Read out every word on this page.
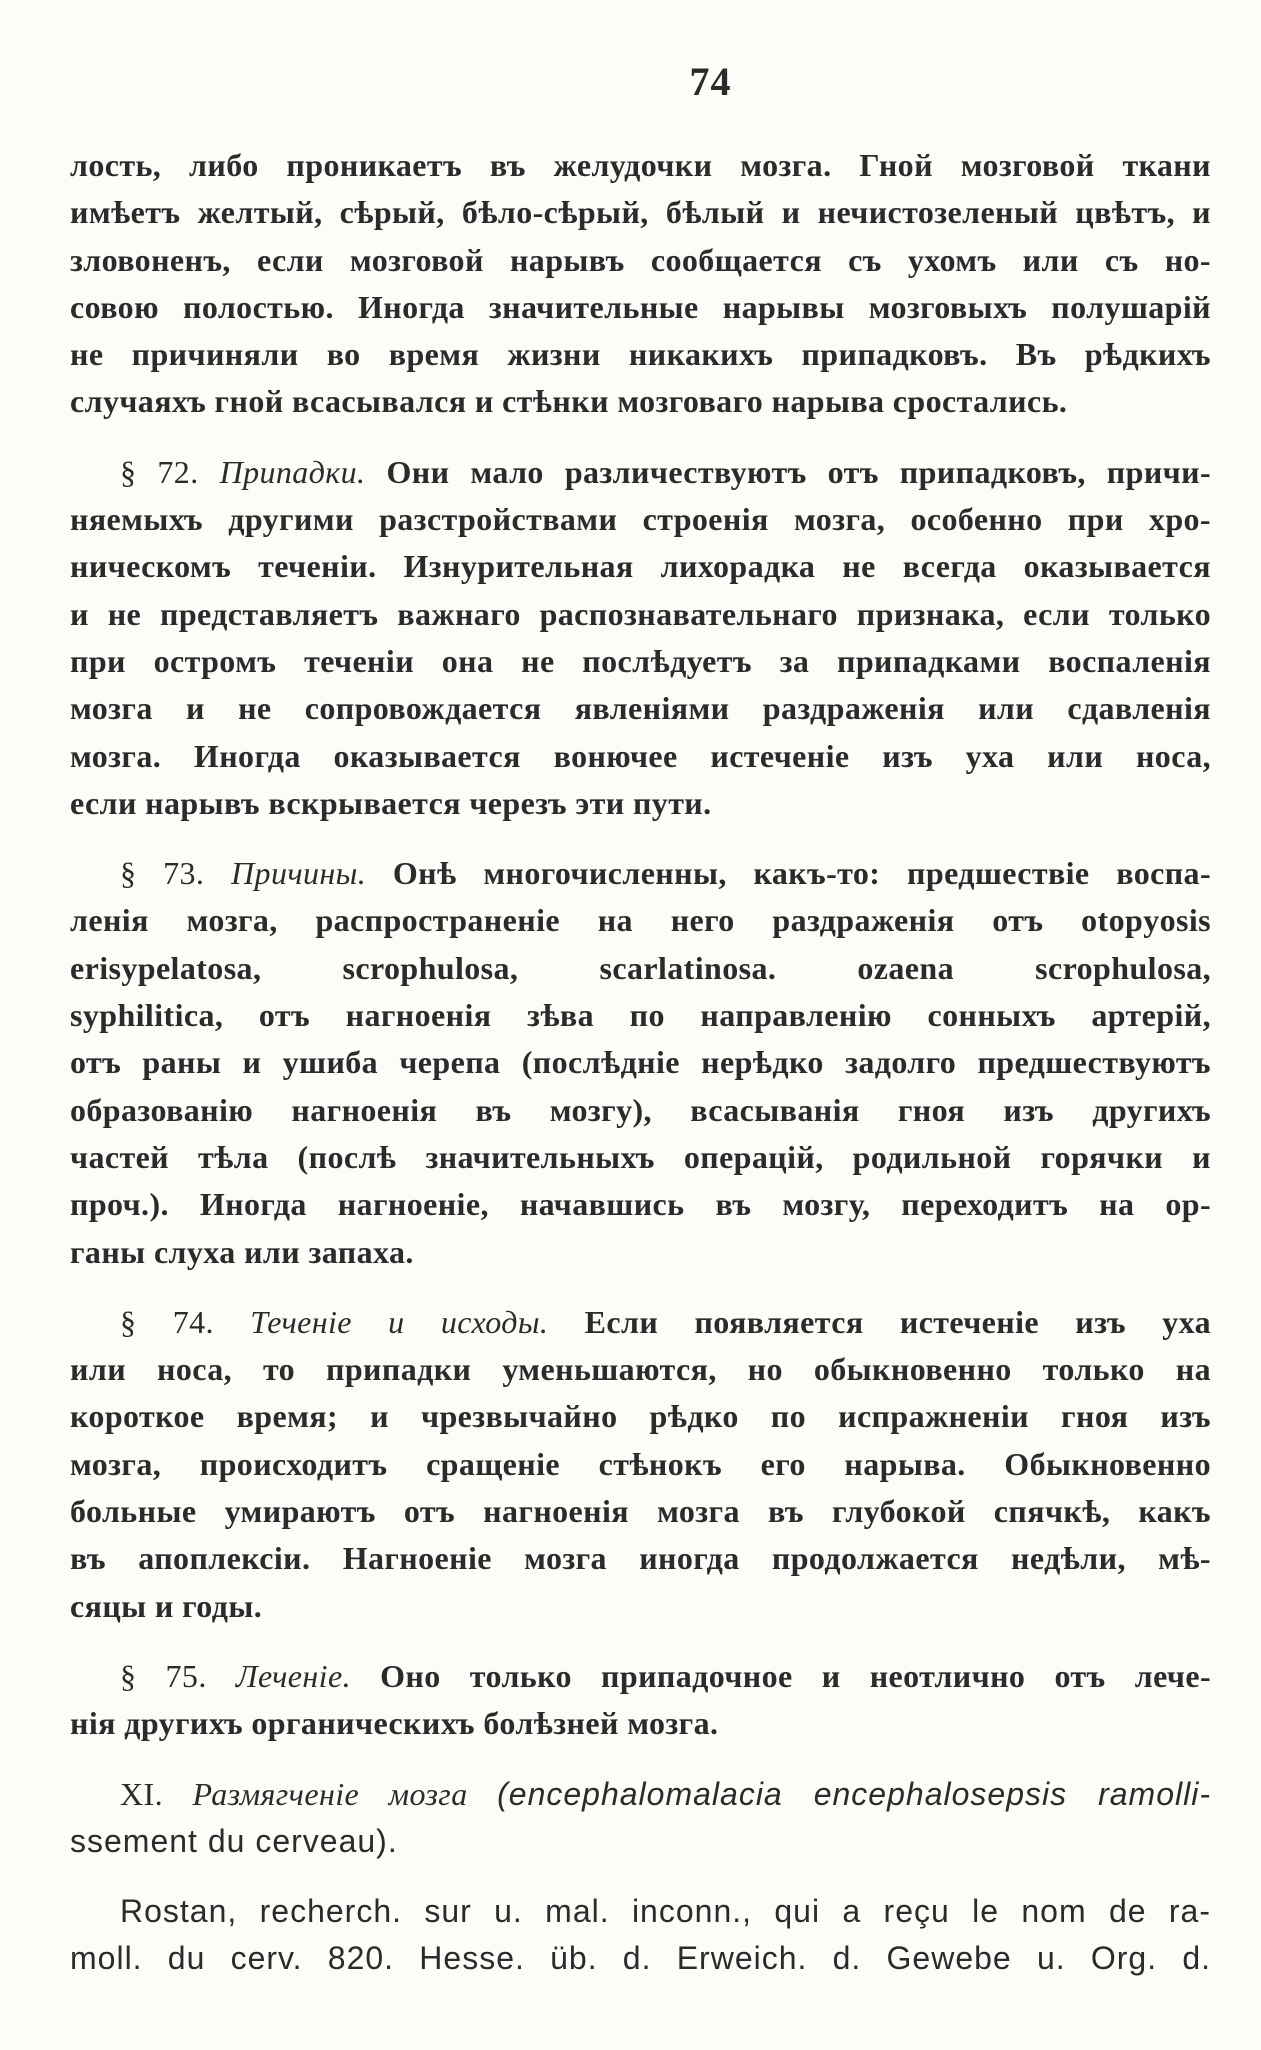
74
лость, либо проникаетъ въ желудочки мозга. Гной мозговой ткани
имѣетъ желтый, сѣрый, бѣло-сѣрый, бѣлый и нечистозеленый цвѣтъ, и
зловоненъ, если мозговой нарывъ сообщается съ ухомъ или съ но-
совою полостью. Иногда значительные нарывы мозговыхъ полушарій
не причиняли во время жизни никакихъ припадковъ. Въ рѣдкихъ
случаяхъ гной всасывался и стѣнки мозговаго нарыва сростались.
§ 72. Припадки. Они мало различествуютъ отъ припадковъ, причи-
няемыхъ другими разстройствами строенія мозга, особенно при хро-
ническомъ теченіи. Изнурительная лихорадка не всегда оказывается
и не представляетъ важнаго распознавательнаго признака, если только
при остромъ теченіи она не послѣдуетъ за припадками воспаленія
мозга и не сопровождается явленіями раздраженія или сдавленія
мозга. Иногда оказывается вонючее истеченіе изъ уха или носа,
если нарывъ вскрывается черезъ эти пути.
§ 73. Причины. Онѣ многочисленны, какъ-то: предшествіе воспа-
ленія мозга, распространеніе на него раздраженія отъ otopyosis
erisypelatosa, scrophulosa, scarlatinosa. ozaena scrophulosa,
syphilitica, отъ нагноенія зѣва по направленію сонныхъ артерій,
отъ раны и ушиба черепа (послѣдніе нерѣдко задолго предшествуютъ
образованію нагноенія въ мозгу), всасыванія гноя изъ другихъ
частей тѣла (послѣ значительныхъ операцій, родильной горячки и
проч.). Иногда нагноеніе, начавшись въ мозгу, переходитъ на ор-
ганы слуха или запаха.
§ 74. Теченіе и исходы. Если появляется истеченіе изъ уха
или носа, то припадки уменьшаются, но обыкновенно только на
короткое время; и чрезвычайно рѣдко по испражненіи гноя изъ
мозга, происходитъ сращеніе стѣнокъ его нарыва. Обыкновенно
больные умираютъ отъ нагноенія мозга въ глубокой спячкѣ, какъ
въ апоплексіи. Нагноеніе мозга иногда продолжается недѣли, мѣ-
сяцы и годы.
§ 75. Леченіе. Оно только припадочное и неотлично отъ лече-
нія другихъ органическихъ болѣзней мозга.
XI. Размягченіе мозга (encephalomalacia encephalosepsis ramolli-
ssement du cerveau).
Rostan, recherch. sur u. mal. inconn., qui a reçu le nom de ra-
moll. du cerv. 820. Hesse. üb. d. Erweich. d. Gewebe u. Org. d.
